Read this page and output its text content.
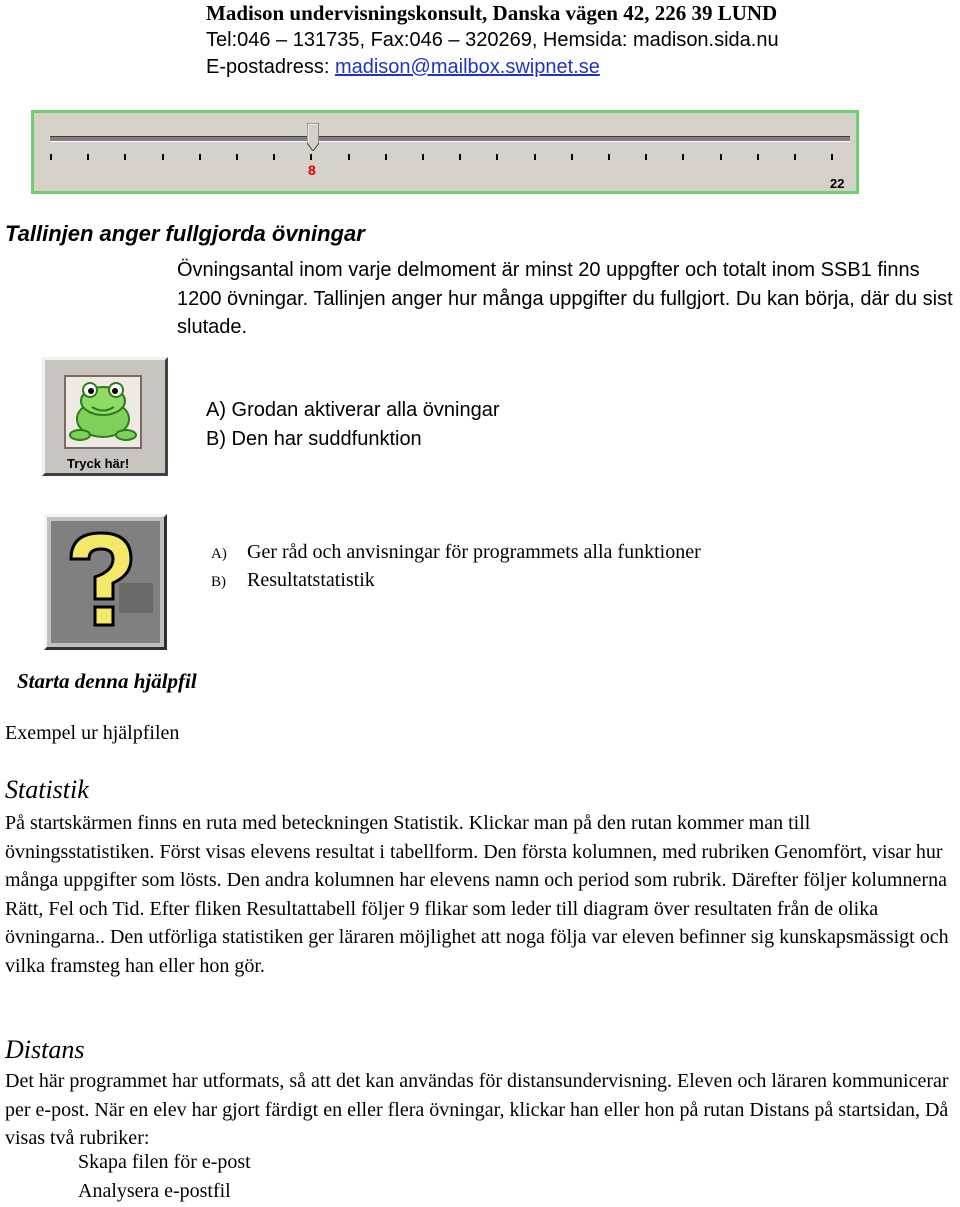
Madison undervisningskonsult, Danska vägen 42, 226 39 LUND
Tel:046 – 131735, Fax:046 – 320269, Hemsida: madison.sida.nu
E-postadress: madison@mailbox.swipnet.se
8
22
Tallinjen anger fullgjorda övningar
Övningsantal inom varje delmoment är minst 20 uppgfter och totalt inom SSB1 finns 1200 övningar. Tallinjen anger hur många uppgifter du fullgjort. Du kan börja, där du sist slutade.
Tryck här!
A) Grodan aktiverar alla övningar
B) Den har suddfunktion
A) Ger råd och anvisningar för programmets alla funktioner
B) Resultatstatistik
Starta denna hjälpfil
Exempel ur hjälpfilen
Statistik
På startskärmen finns en ruta med beteckningen Statistik. Klickar man på den rutan kommer man till övningsstatistiken. Först visas elevens resultat i tabellform. Den första kolumnen, med rubriken Genomfört, visar hur många uppgifter som lösts. Den andra kolumnen har elevens namn och period som rubrik. Därefter följer kolumnerna Rätt, Fel och Tid. Efter fliken Resultattabell följer 9 flikar som leder till diagram över resultaten från de olika övningarna.. Den utförliga statistiken ger läraren möjlighet att noga följa var eleven befinner sig kunskapsmässigt och vilka framsteg han eller hon gör.
Distans
Det här programmet har utformats, så att det kan användas för distansundervisning. Eleven och läraren kommunicerar per e-post. När en elev har gjort färdigt en eller flera övningar, klickar han eller hon på rutan Distans på startsidan, Då visas två rubriker:
Skapa filen för e-post
Analysera e-postfil
